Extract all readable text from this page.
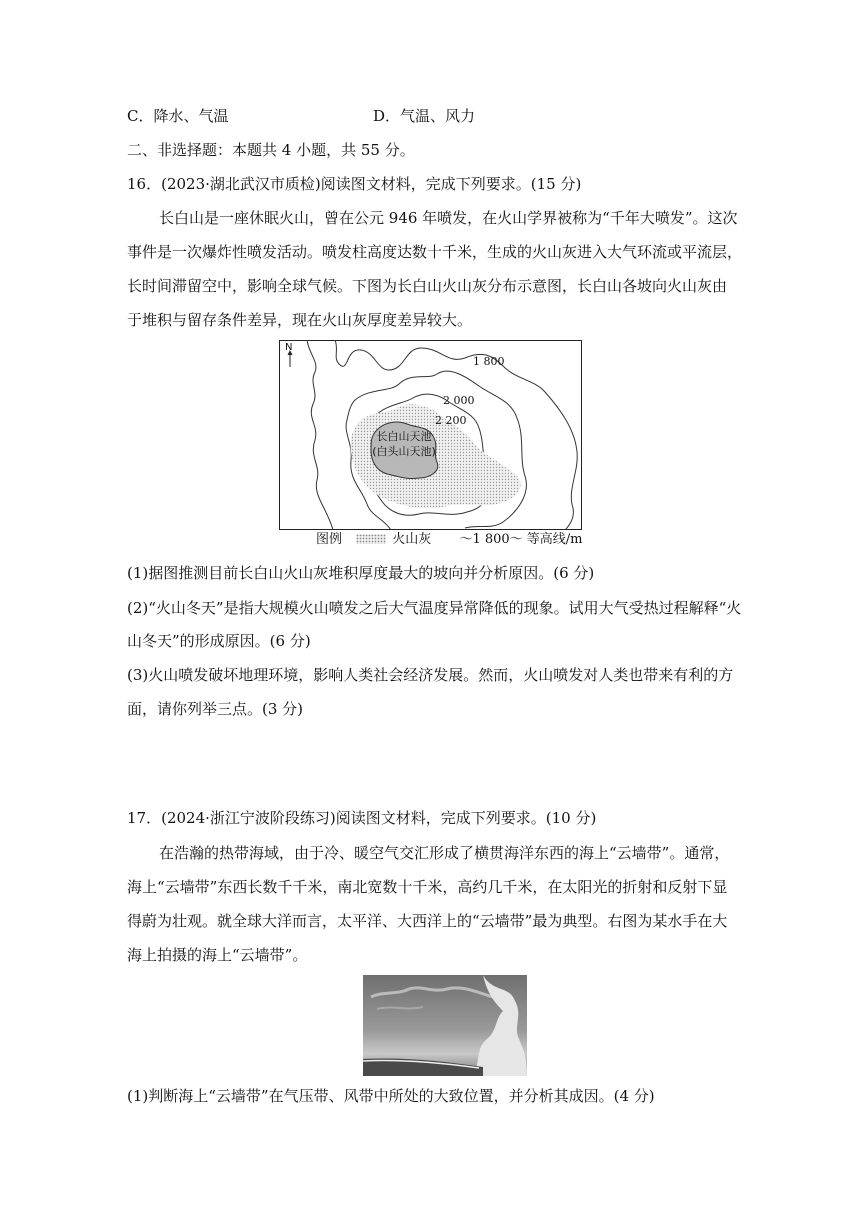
C．降水、气温	D．气温、风力
二、非选择题：本题共 4 小题，共 55 分。
16．(2023·湖北武汉市质检)阅读图文材料，完成下列要求。(15 分)
长白山是一座休眠火山，曾在公元 946 年喷发，在火山学界被称为“千年大喷发”。这次
事件是一次爆炸性喷发活动。喷发柱高度达数十千米，生成的火山灰进入大气环流或平流层，
长时间滞留空中，影响全球气候。下图为长白山火山灰分布示意图，长白山各坡向火山灰由
于堆积与留存条件差异，现在火山灰厚度差异较大。
N
1 800
2 000
2 200
长白山天池
(白头山天池)
图例	火山灰 ～1 800～ 等高线/m
(1)据图推测目前长白山火山灰堆积厚度最大的坡向并分析原因。(6 分)
(2)“火山冬天”是指大规模火山喷发之后大气温度异常降低的现象。试用大气受热过程解释“火
山冬天”的形成原因。(6 分)
(3)火山喷发破坏地理环境，影响人类社会经济发展。然而，火山喷发对人类也带来有利的方
面，请你列举三点。(3 分)
17．(2024·浙江宁波阶段练习)阅读图文材料，完成下列要求。(10 分)
在浩瀚的热带海域，由于冷、暖空气交汇形成了横贯海洋东西的海上“云墙带”。通常，
海上“云墙带”东西长数千千米，南北宽数十千米，高约几千米，在太阳光的折射和反射下显
得蔚为壮观。就全球大洋而言，太平洋、大西洋上的“云墙带”最为典型。右图为某水手在大
海上拍摄的海上“云墙带”。
(1)判断海上“云墙带”在气压带、风带中所处的大致位置，并分析其成因。(4 分)
